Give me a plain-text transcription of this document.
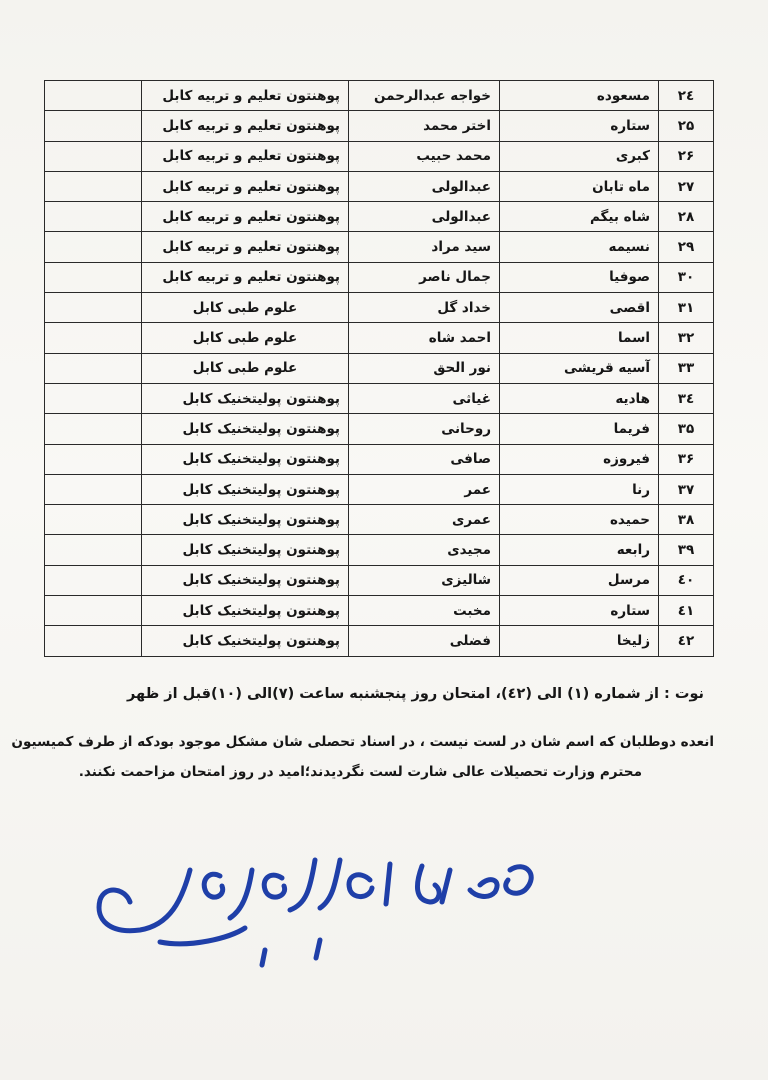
۲٤	مسعوده	خواجه عبدالرحمن	پوهنتون تعلیم و تربیه کابل	
۲۵	ستاره	اختر محمد	پوهنتون تعلیم و تربیه کابل	
۲۶	کبری	محمد حبیب	پوهنتون تعلیم و تربیه کابل	
۲۷	ماه تابان	عبدالولی	پوهنتون تعلیم و تربیه کابل	
۲۸	شاه بیگم	عبدالولی	پوهنتون تعلیم و تربیه کابل	
۲۹	نسیمه	سید مراد	پوهنتون تعلیم و تربیه کابل	
۳۰	صوفیا	جمال ناصر	پوهنتون تعلیم و تربیه کابل	
۳۱	اقصی	خداد گل	علوم طبی کابل	
۳۲	اسما	احمد شاه	علوم طبی کابل	
۳۳	آسیه قریشی	نور الحق	علوم طبی کابل	
۳٤	هادیه	غیاثی	پوهنتون پولیتخنیک کابل	
۳۵	فریما	روحانی	پوهنتون پولیتخنیک کابل	
۳۶	فیروزه	صافی	پوهنتون پولیتخنیک کابل	
۳۷	رنا	عمر	پوهنتون پولیتخنیک کابل	
۳۸	حمیده	عمری	پوهنتون پولیتخنیک کابل	
۳۹	رابعه	مجیدی	پوهنتون پولیتخنیک کابل	
٤۰	مرسل	شالیزی	پوهنتون پولیتخنیک کابل	
٤۱	ستاره	مخبت	پوهنتون پولیتخنیک کابل	
٤۲	زلیخا	فضلی	پوهنتون پولیتخنیک کابل	
نوت : از شماره (۱) الی (٤۲)، امتحان روز پنجشنبه ساعت (۷)الی (۱۰)قبل از ظهر
انعده دوطلبان که اسم شان در لست نیست ، در اسناد تحصلی شان مشکل موجود بودکه از طرف کمیسیون
محترم وزارت تحصیلات عالی شارت لست نگردیدند؛امید در روز امتحان مزاحمت نکنند.
